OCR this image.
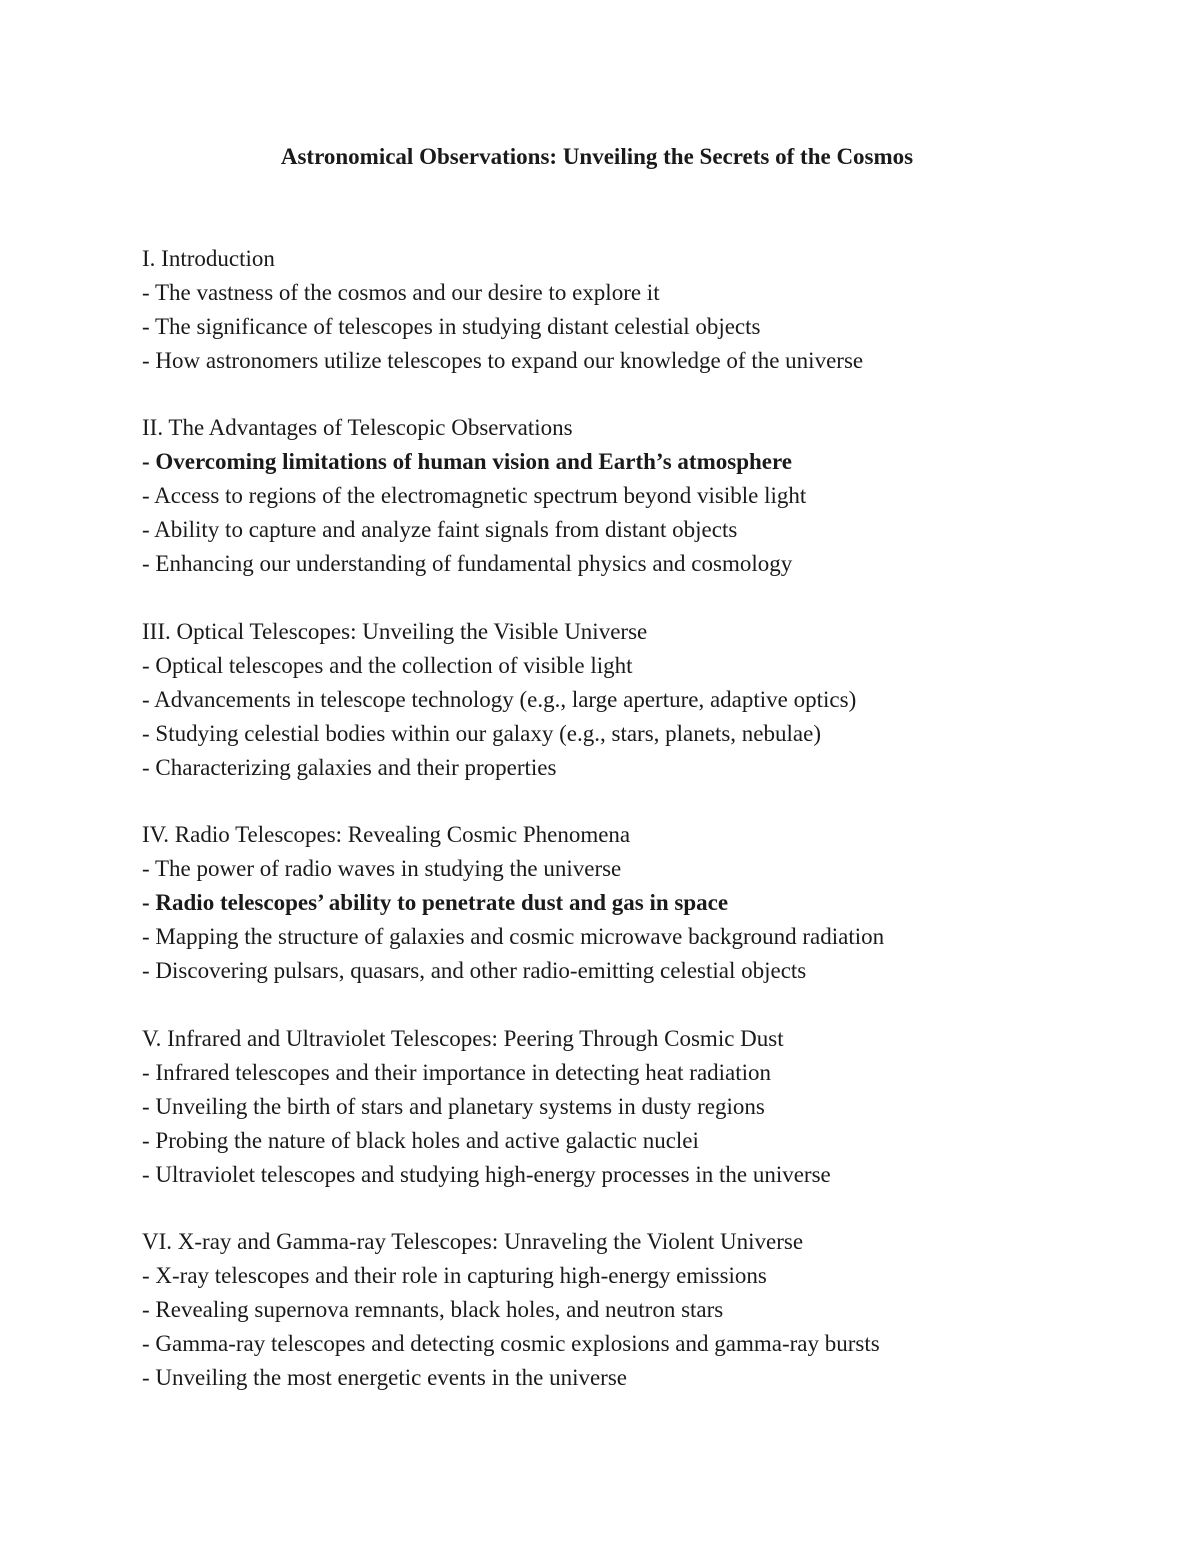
Astronomical Observations: Unveiling the Secrets of the Cosmos

I. Introduction

- The vastness of the cosmos and our desire to explore it

- The significance of telescopes in studying distant celestial objects

- How astronomers utilize telescopes to expand our knowledge of the universe

II. The Advantages of Telescopic Observations

- Overcoming limitations of human vision and Earth’s atmosphere

- Access to regions of the electromagnetic spectrum beyond visible light

- Ability to capture and analyze faint signals from distant objects

- Enhancing our understanding of fundamental physics and cosmology

III. Optical Telescopes: Unveiling the Visible Universe

- Optical telescopes and the collection of visible light

- Advancements in telescope technology (e.g., large aperture, adaptive optics)

- Studying celestial bodies within our galaxy (e.g., stars, planets, nebulae)

- Characterizing galaxies and their properties

IV. Radio Telescopes: Revealing Cosmic Phenomena

- The power of radio waves in studying the universe

- Radio telescopes’ ability to penetrate dust and gas in space

- Mapping the structure of galaxies and cosmic microwave background radiation

- Discovering pulsars, quasars, and other radio-emitting celestial objects

V. Infrared and Ultraviolet Telescopes: Peering Through Cosmic Dust

- Infrared telescopes and their importance in detecting heat radiation

- Unveiling the birth of stars and planetary systems in dusty regions

- Probing the nature of black holes and active galactic nuclei

- Ultraviolet telescopes and studying high-energy processes in the universe

VI. X-ray and Gamma-ray Telescopes: Unraveling the Violent Universe

- X-ray telescopes and their role in capturing high-energy emissions

- Revealing supernova remnants, black holes, and neutron stars

- Gamma-ray telescopes and detecting cosmic explosions and gamma-ray bursts

- Unveiling the most energetic events in the universe
